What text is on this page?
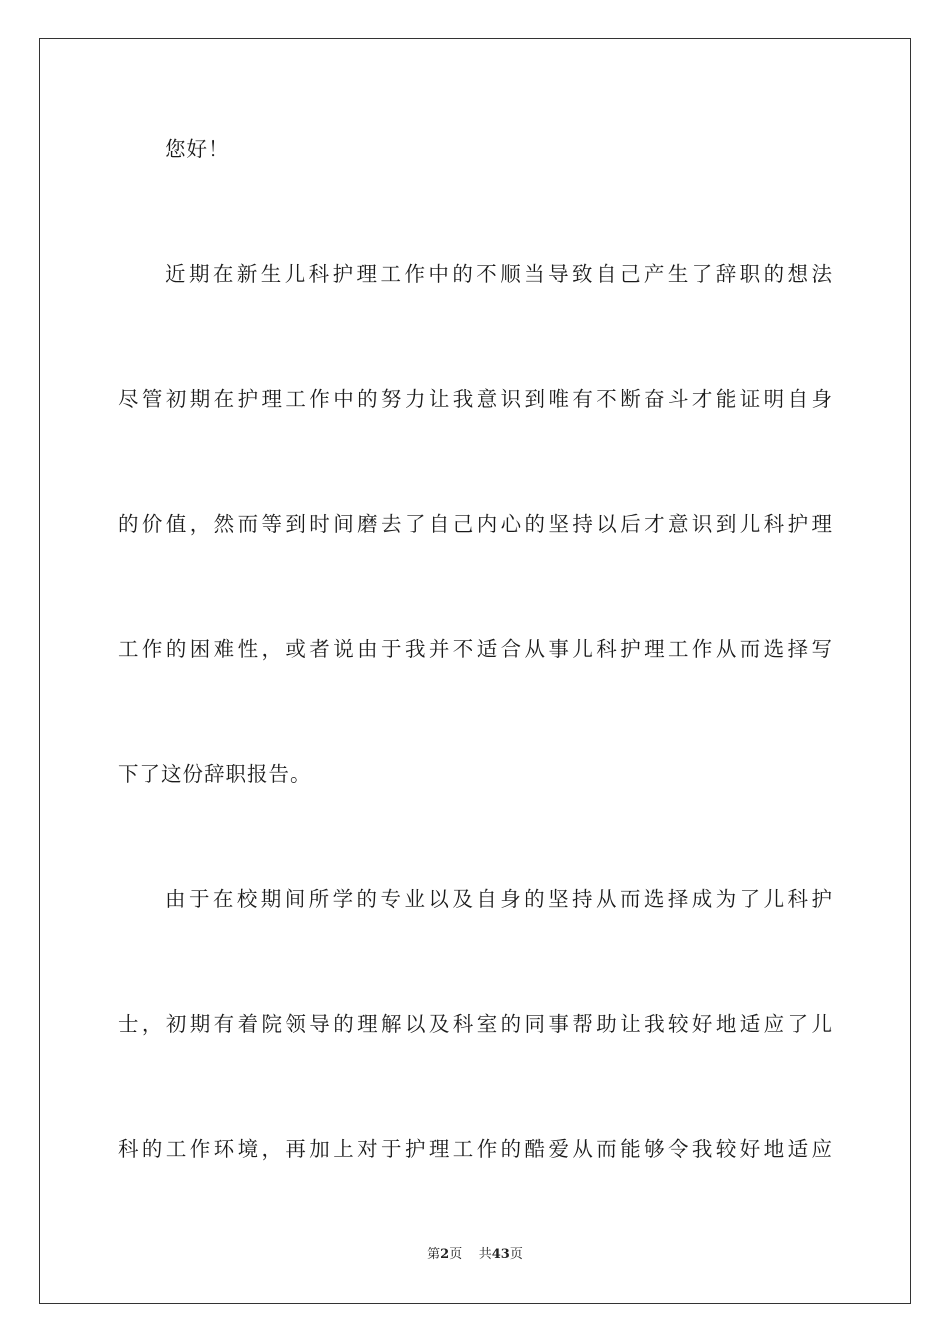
您好！
近期在新生儿科护理工作中的不顺当导致自己产生了辞职的想法
尽管初期在护理工作中的努力让我意识到唯有不断奋斗才能证明自身
的价值，然而等到时间磨去了自己内心的坚持以后才意识到儿科护理
工作的困难性，或者说由于我并不适合从事儿科护理工作从而选择写
下了这份辞职报告。
由于在校期间所学的专业以及自身的坚持从而选择成为了儿科护
士，初期有着院领导的理解以及科室的同事帮助让我较好地适应了儿
科的工作环境，再加上对于护理工作的酷爱从而能够令我较好地适应
第2页 共43页
